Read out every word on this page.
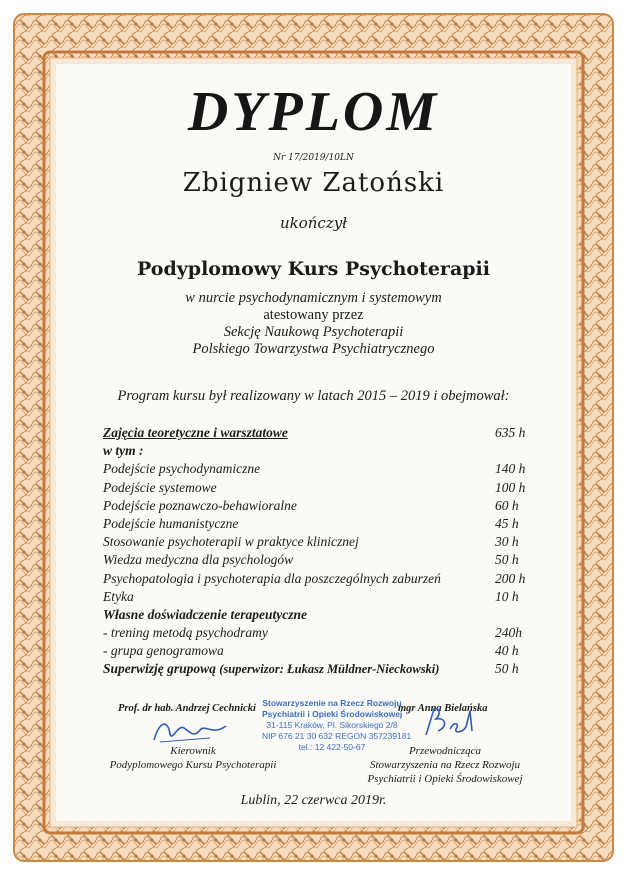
DYPLOM
Nr 17/2019/10LN
Zbigniew Zatoński
ukończył
Podyplomowy Kurs Psychoterapii
w nurcie psychodynamicznym i systemowym
atestowany przez
Sekcję Naukową Psychoterapii
Polskiego Towarzystwa Psychiatrycznego
Program kursu był realizowany w latach 2015 – 2019 i obejmował:
Zajęcia teoretyczne i warsztatowe	635 h
w tym :
Podejście psychodynamiczne	140 h
Podejście systemowe	100 h
Podejście poznawczo-behawioralne	60 h
Podejście humanistyczne	45 h
Stosowanie psychoterapii w praktyce klinicznej	30 h
Wiedza medyczna dla psychologów	50 h
Psychopatologia i psychoterapia dla poszczególnych zaburzeń	200 h
Etyka	10 h
Własne doświadczenie terapeutyczne
- trening metodą psychodramy	240h
- grupa genogramowa	40 h
Superwizję grupową (superwizor: Łukasz Müldner-Nieckowski)	50 h
Prof. dr hab. Andrzej Cechnicki
Kierownik
Podyplomowego Kursu Psychoterapii
Stowarzyszenie na Rzecz Rozwoju
Psychiatrii i Opieki Środowiskowej
31-115 Kraków, Pl. Sikorskiego 2/8
NIP 676 21 30 632 REGON 357239181
tel.: 12 422-50-67
mgr Anna Bielańska
Przewodnicząca
Stowarzyszenia na Rzecz Rozwoju
Psychiatrii i Opieki Środowiskowej
Lublin, 22 czerwca 2019r.
